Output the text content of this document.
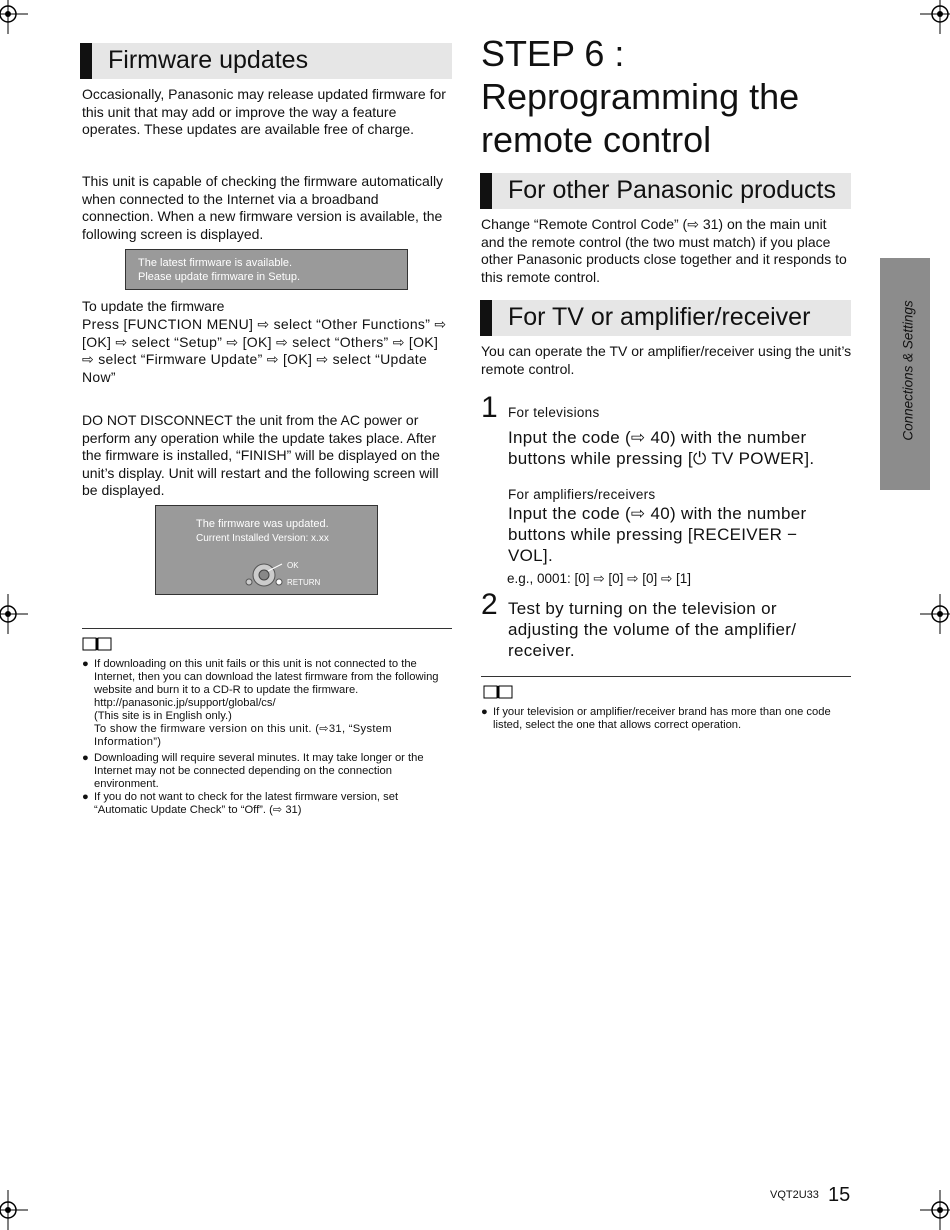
Firmware updates

Occasionally, Panasonic may release updated firmware for this unit that may add or improve the way a feature operates. These updates are available free of charge.

This unit is capable of checking the firmware automatically when connected to the Internet via a broadband connection. When a new firmware version is available, the following screen is displayed.

The latest firmware is available.
Please update firmware in Setup.

To update the firmware

Press [FUNCTION MENU] ⇨ select “Other Functions” ⇨ [OK] ⇨ select “Setup” ⇨ [OK] ⇨ select “Others” ⇨ [OK] ⇨ select “Firmware Update” ⇨ [OK] ⇨ select “Update Now”

DO NOT DISCONNECT the unit from the AC power or perform any operation while the update takes place. After the firmware is installed, “FINISH” will be displayed on the unit’s display. Unit will restart and the following screen will be displayed.

The firmware was updated.
Current Installed Version: x.xx
OK
RETURN
● If downloading on this unit fails or this unit is not connected to the Internet, then you can download the latest firmware from the following website and burn it to a CD-R to update the firmware.
http://panasonic.jp/support/global/cs/
(This site is in English only.)
To show the firmware version on this unit. (⇨31, “System Information”)
● Downloading will require several minutes. It may take longer or the Internet may not be connected depending on the connection environment.
● If you do not want to check for the latest firmware version, set “Automatic Update Check” to “Off”. (⇨ 31)
STEP 6 : Reprogramming the remote control
For other Panasonic products

Change “Remote Control Code” (⇨ 31) on the main unit and the remote control (the two must match) if you place other Panasonic products close together and it responds to this remote control.

For TV or amplifier/receiver

You can operate the TV or amplifier/receiver using the unit’s remote control.

1 For televisions
Input the code (⇨ 40) with the number buttons while pressing [⏻ TV POWER].
For amplifiers/receivers
Input the code (⇨ 40) with the number buttons while pressing [RECEIVER − VOL].
e.g., 0001: [0] ⇨ [0] ⇨ [0] ⇨ [1]
2 Test by turning on the television or adjusting the volume of the amplifier/ receiver.
● If your television or amplifier/receiver brand has more than one code listed, select the one that allows correct operation.
Connections & Settings
VQT2U33 15
